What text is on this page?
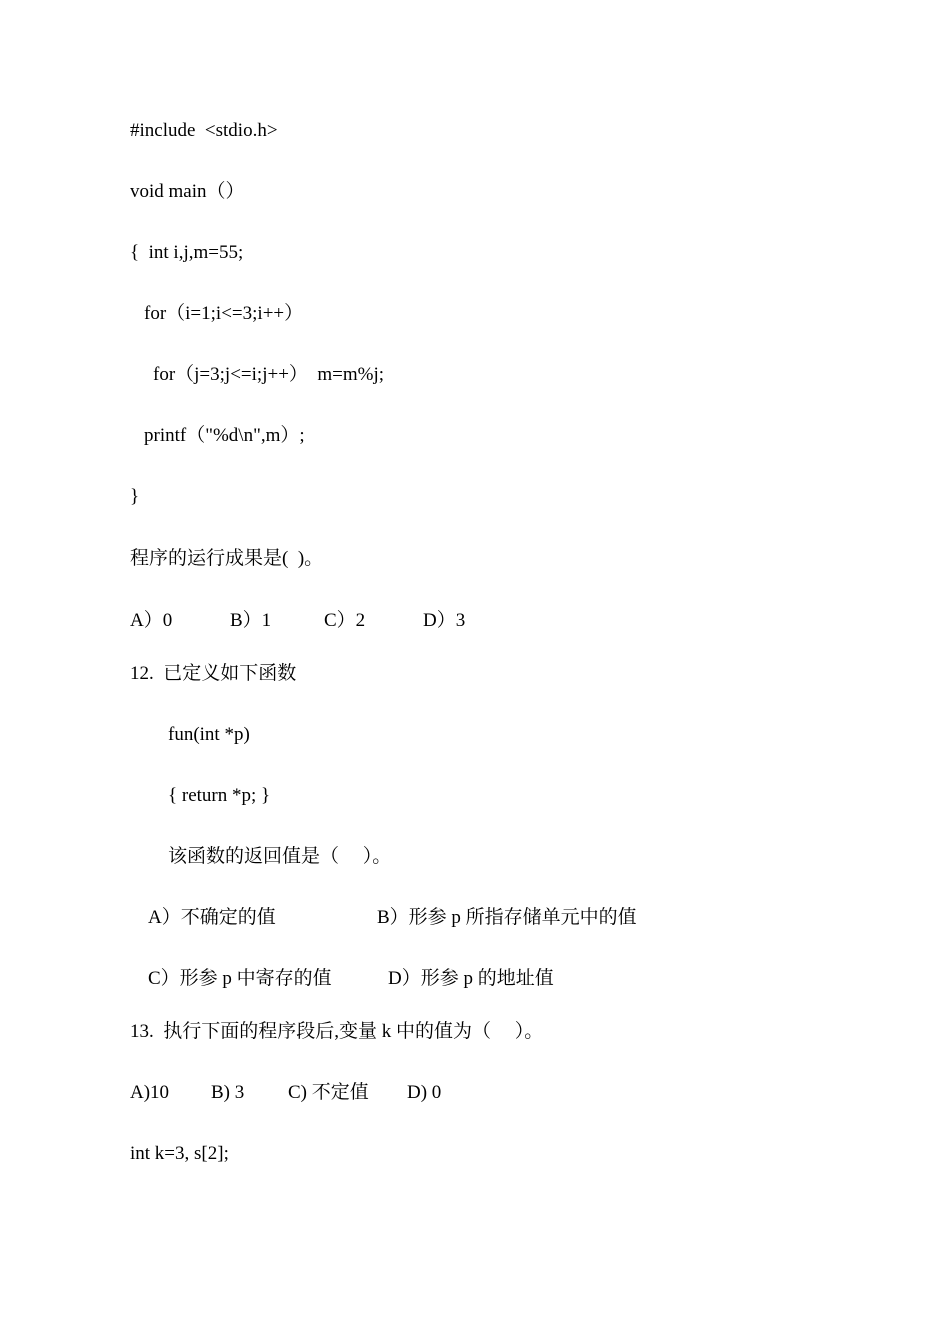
#include  <stdio.h>
void main（）
{  int i,j,m=55;
for（i=1;i<=3;i++）
for（j=3;j<=i;j++）  m=m%j;
printf（"%d\n",m）;
}
程序的运行成果是(  )。
A）0	B）1	C）2	D）3
12.  已定义如下函数
fun(int *p)
{ return *p; }
该函数的返回值是（     ）。
A）不确定的值	B）形参 p 所指存储单元中的值
C）形参 p 中寄存的值	D）形参 p 的地址值
13.  执行下面的程序段后,变量 k 中的值为（     ）。
A)10 B) 3 C) 不定值 D) 0
int k=3, s[2];
